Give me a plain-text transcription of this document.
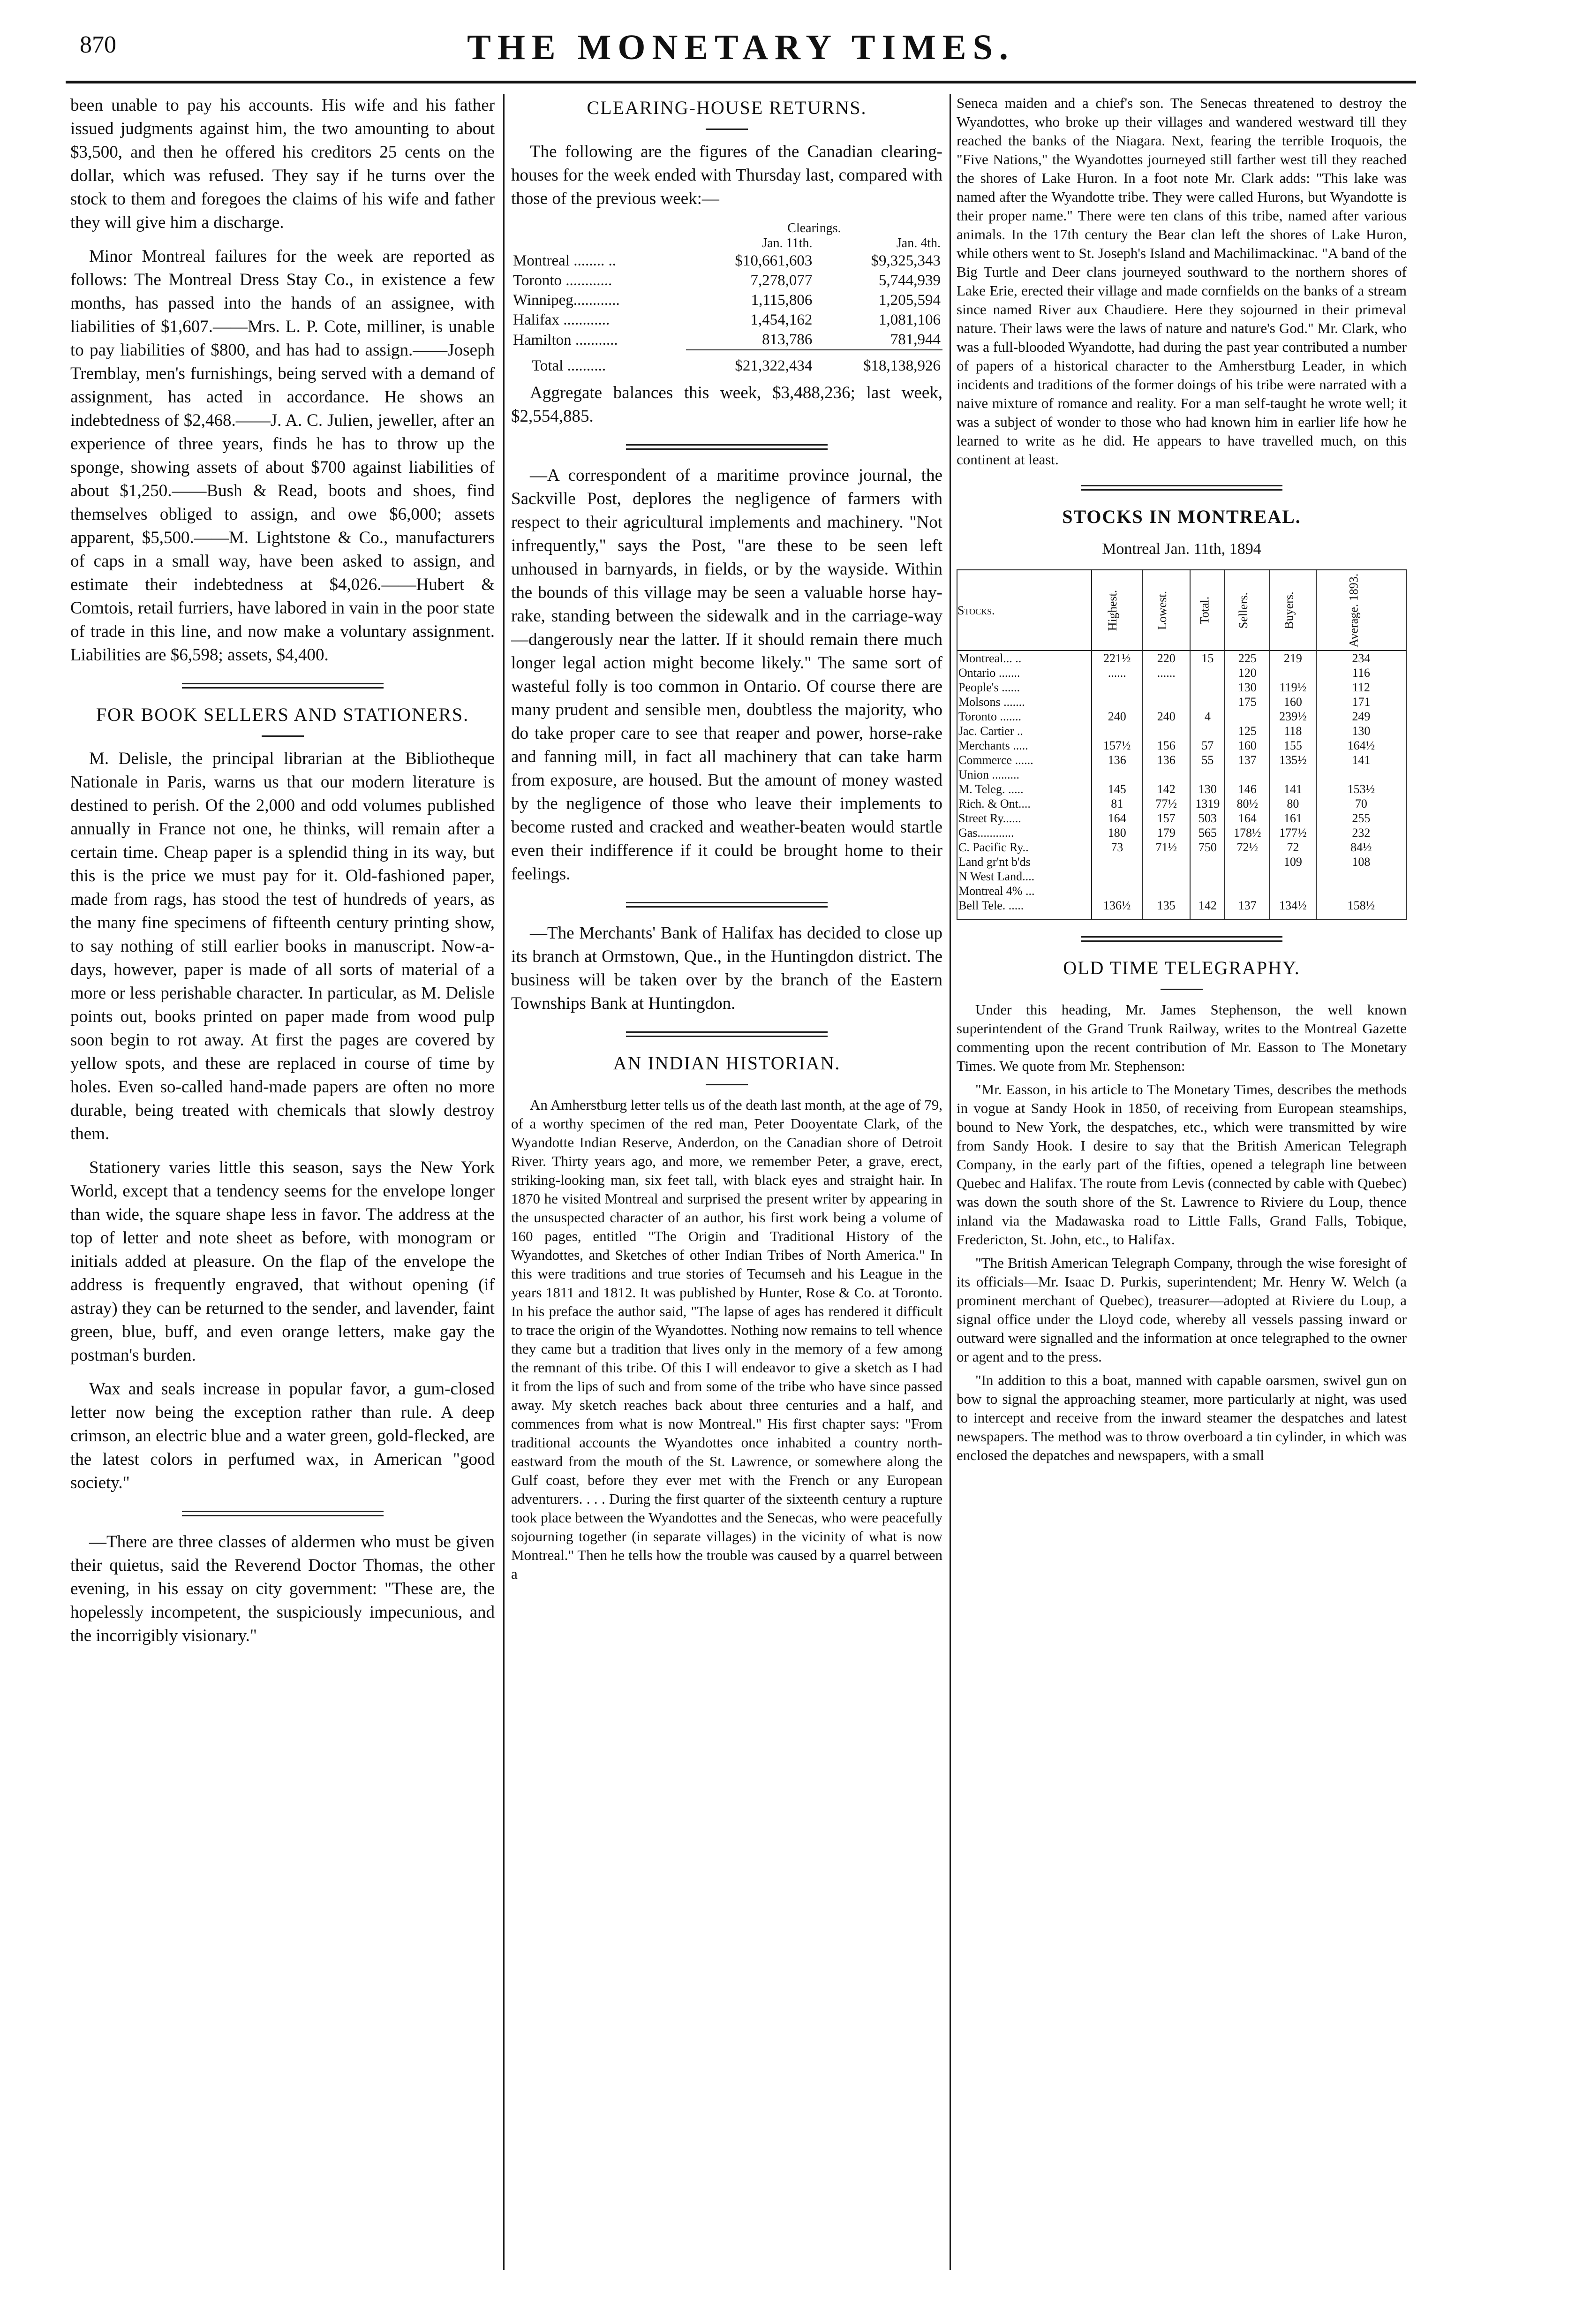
870	THE MONETARY TIMES.

been unable to pay his accounts. His wife and his father issued judgments against him, the two amounting to about $3,500, and then he offered his creditors 25 cents on the dollar, which was refused. They say if he turns over the stock to them and foregoes the claims of his wife and father they will give him a discharge.

Minor Montreal failures for the week are reported as follows: The Montreal Dress Stay Co., in existence a few months, has passed into the hands of an assignee, with liabilities of $1,607.——Mrs. L. P. Cote, milliner, is unable to pay liabilities of $800, and has had to assign.——Joseph Tremblay, men's furnishings, being served with a demand of assignment, has acted in accordance. He shows an indebtedness of $2,468.——J. A. C. Julien, jeweller, after an experience of three years, finds he has to throw up the sponge, showing assets of about $700 against liabilities of about $1,250.——Bush & Read, boots and shoes, find themselves obliged to assign, and owe $6,000; assets apparent, $5,500.——M. Lightstone & Co., manufacturers of caps in a small way, have been asked to assign, and estimate their indebtedness at $4,026.——Hubert & Comtois, retail furriers, have labored in vain in the poor state of trade in this line, and now make a voluntary assignment. Liabilities are $6,598; assets, $4,400.

FOR BOOK SELLERS AND STATIONERS.

M. Delisle, the principal librarian at the Bibliotheque Nationale in Paris, warns us that our modern literature is destined to perish. Of the 2,000 and odd volumes published annually in France not one, he thinks, will remain after a certain time. Cheap paper is a splendid thing in its way, but this is the price we must pay for it. Old-fashioned paper, made from rags, has stood the test of hundreds of years, as the many fine specimens of fifteenth century printing show, to say nothing of still earlier books in manuscript. Now-a-days, however, paper is made of all sorts of material of a more or less perishable character. In particular, as M. Delisle points out, books printed on paper made from wood pulp soon begin to rot away. At first the pages are covered by yellow spots, and these are replaced in course of time by holes. Even so-called hand-made papers are often no more durable, being treated with chemicals that slowly destroy them.

Stationery varies little this season, says the New York World, except that a tendency seems for the envelope longer than wide, the square shape less in favor. The address at the top of letter and note sheet as before, with monogram or initials added at pleasure. On the flap of the envelope the address is frequently engraved, that without opening (if astray) they can be returned to the sender, and lavender, faint green, blue, buff, and even orange letters, make gay the postman's burden.

Wax and seals increase in popular favor, a gum-closed letter now being the exception rather than rule. A deep crimson, an electric blue and a water green, gold-flecked, are the latest colors in perfumed wax, in American "good society."

—There are three classes of aldermen who must be given their quietus, said the Reverend Doctor Thomas, the other evening, in his essay on city government: "These are, the hopelessly incompetent, the suspiciously impecunious, and the incorrigibly visionary."

CLEARING-HOUSE RETURNS.

The following are the figures of the Canadian clearing-houses for the week ended with Thursday last, compared with those of the previous week:—

	Clearings.	
	Jan. 11th.	Jan. 4th.
Montreal ........ ..	$10,661,603	$9,325,343
Toronto ............	7,278,077	5,744,939
Winnipeg............	1,115,806	1,205,594
Halifax ............	1,454,162	1,081,106
Hamilton ...........	813,786	781,944
Total ..........	$21,322,434	$18,138,926

Aggregate balances this week, $3,488,236; last week, $2,554,885.

—A correspondent of a maritime province journal, the Sackville Post, deplores the negligence of farmers with respect to their agricultural implements and machinery. "Not infrequently," says the Post, "are these to be seen left unhoused in barnyards, in fields, or by the wayside. Within the bounds of this village may be seen a valuable horse hay-rake, standing between the sidewalk and in the carriage-way—dangerously near the latter. If it should remain there much longer legal action might become likely." The same sort of wasteful folly is too common in Ontario. Of course there are many prudent and sensible men, doubtless the majority, who do take proper care to see that reaper and power, horse-rake and fanning mill, in fact all machinery that can take harm from exposure, are housed. But the amount of money wasted by the negligence of those who leave their implements to become rusted and cracked and weather-beaten would startle even their indifference if it could be brought home to their feelings.

—The Merchants' Bank of Halifax has decided to close up its branch at Ormstown, Que., in the Huntingdon district. The business will be taken over by the branch of the Eastern Townships Bank at Huntingdon.

AN INDIAN HISTORIAN.

An Amherstburg letter tells us of the death last month, at the age of 79, of a worthy specimen of the red man, Peter Dooyentate Clark, of the Wyandotte Indian Reserve, Anderdon, on the Canadian shore of Detroit River. Thirty years ago, and more, we remember Peter, a grave, erect, striking-looking man, six feet tall, with black eyes and straight hair. In 1870 he visited Montreal and surprised the present writer by appearing in the unsuspected character of an author, his first work being a volume of 160 pages, entitled "The Origin and Traditional History of the Wyandottes, and Sketches of other Indian Tribes of North America." In this were traditions and true stories of Tecumseh and his League in the years 1811 and 1812. It was published by Hunter, Rose & Co. at Toronto. In his preface the author said, "The lapse of ages has rendered it difficult to trace the origin of the Wyandottes. Nothing now remains to tell whence they came but a tradition that lives only in the memory of a few among the remnant of this tribe. Of this I will endeavor to give a sketch as I had it from the lips of such and from some of the tribe who have since passed away. My sketch reaches back about three centuries and a half, and commences from what is now Montreal." His first chapter says: "From traditional accounts the Wyandottes once inhabited a country north-eastward from the mouth of the St. Lawrence, or somewhere along the Gulf coast, before they ever met with the French or any European adventurers. . . . During the first quarter of the sixteenth century a rupture took place between the Wyandottes and the Senecas, who were peacefully sojourning together (in separate villages) in the vicinity of what is now Montreal." Then he tells how the trouble was caused by a quarrel between a

Seneca maiden and a chief's son. The Senecas threatened to destroy the Wyandottes, who broke up their villages and wandered westward till they reached the banks of the Niagara. Next, fearing the terrible Iroquois, the "Five Nations," the Wyandottes journeyed still farther west till they reached the shores of Lake Huron. In a foot note Mr. Clark adds: "This lake was named after the Wyandotte tribe. They were called Hurons, but Wyandotte is their proper name." There were ten clans of this tribe, named after various animals. In the 17th century the Bear clan left the shores of Lake Huron, while others went to St. Joseph's Island and Machilimackinac. "A band of the Big Turtle and Deer clans journeyed southward to the northern shores of Lake Erie, erected their village and made cornfields on the banks of a stream since named River aux Chaudiere. Here they sojourned in their primeval nature. Their laws were the laws of nature and nature's God." Mr. Clark, who was a full-blooded Wyandotte, had during the past year contributed a number of papers of a historical character to the Amherstburg Leader, in which incidents and traditions of the former doings of his tribe were narrated with a naive mixture of romance and reality. For a man self-taught he wrote well; it was a subject of wonder to those who had known him in earlier life how he learned to write as he did. He appears to have travelled much, on this continent at least.

STOCKS IN MONTREAL.
Montreal Jan. 11th, 1894
Stocks.	Highest.	Lowest.	Total.	Sellers.	Buyers.	Average. 1893.
Montreal... ..	221½	220	15	225	219	234
Ontario .......	......	......		120		116
People's ......				130	119½	112
Molsons .......				175	160	171
Toronto .......	240	240	4		239½	249
Jac. Cartier ..				125	118	130
Merchants .....	157½	156	57	160	155	164½
Commerce ......	136	136	55	137	135½	141
Union .........						
M. Teleg. .....	145	142	130	146	141	153½
Rich. & Ont....	81	77½	1319	80½	80	70
Street Ry......	164	157	503	164	161	255
Gas............	180	179	565	178½	177½	232
C. Pacific Ry..	73	71½	750	72½	72	84½
Land gr'nt b'ds					109	108
N West Land....						
Montreal 4% ...						
Bell Tele. .....	136½	135	142	137	134½	158½
OLD TIME TELEGRAPHY.

Under this heading, Mr. James Stephenson, the well known superintendent of the Grand Trunk Railway, writes to the Montreal Gazette commenting upon the recent contribution of Mr. Easson to The Monetary Times. We quote from Mr. Stephenson:

"Mr. Easson, in his article to The Monetary Times, describes the methods in vogue at Sandy Hook in 1850, of receiving from European steamships, bound to New York, the despatches, etc., which were transmitted by wire from Sandy Hook. I desire to say that the British American Telegraph Company, in the early part of the fifties, opened a telegraph line between Quebec and Halifax. The route from Levis (connected by cable with Quebec) was down the south shore of the St. Lawrence to Riviere du Loup, thence inland via the Madawaska road to Little Falls, Grand Falls, Tobique, Fredericton, St. John, etc., to Halifax.

"The British American Telegraph Company, through the wise foresight of its officials—Mr. Isaac D. Purkis, superintendent; Mr. Henry W. Welch (a prominent merchant of Quebec), treasurer—adopted at Riviere du Loup, a signal office under the Lloyd code, whereby all vessels passing inward or outward were signalled and the information at once telegraphed to the owner or agent and to the press.

"In addition to this a boat, manned with capable oarsmen, swivel gun on bow to signal the approaching steamer, more particularly at night, was used to intercept and receive from the inward steamer the despatches and latest newspapers. The method was to throw overboard a tin cylinder, in which was enclosed the depatches and newspapers, with a small
